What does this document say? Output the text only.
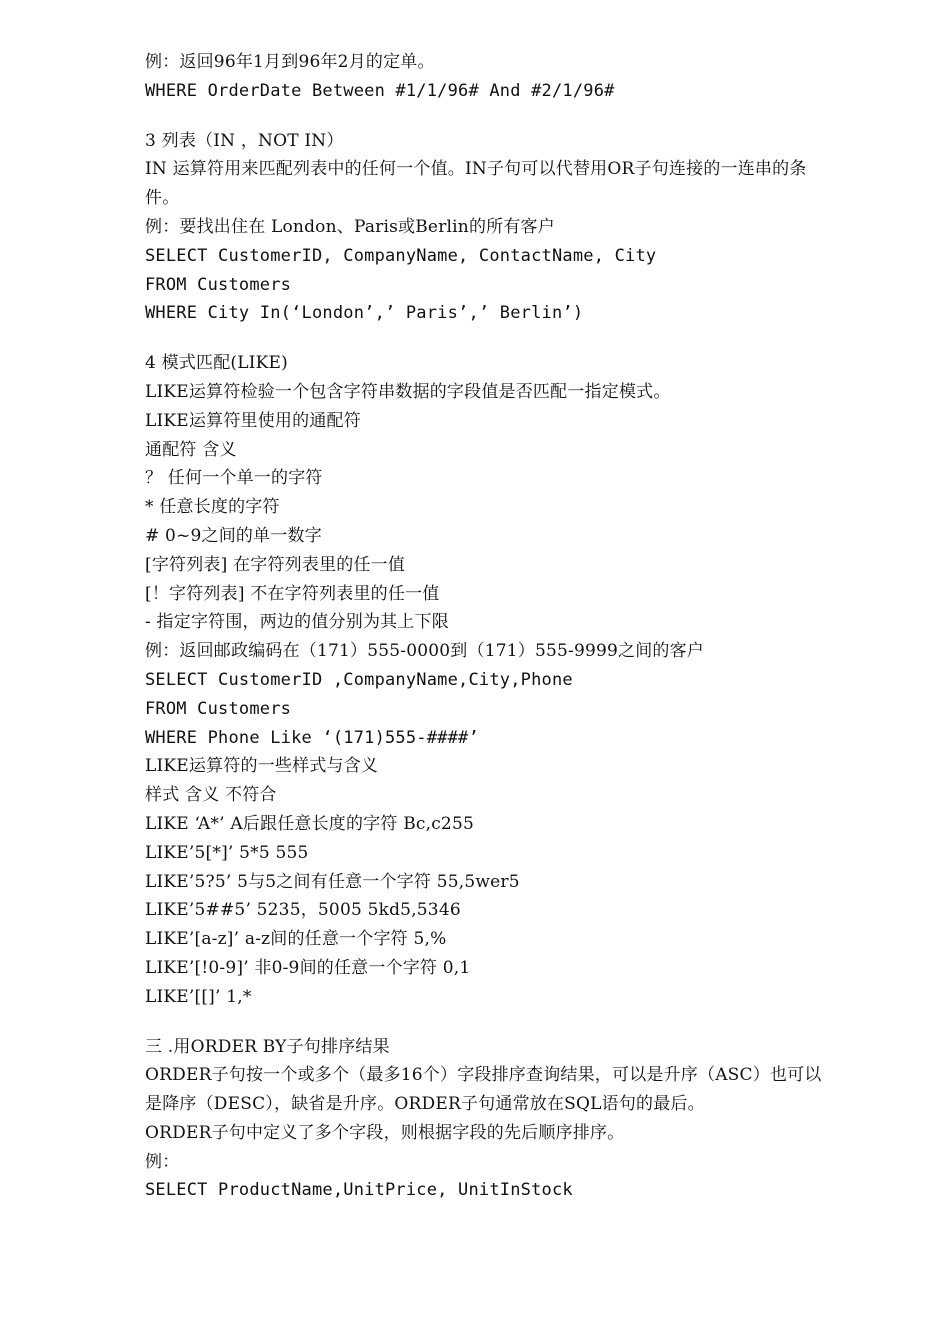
例：返回96年1月到96年2月的定单。

WHERE OrderDate Between #1/1/96# And #2/1/96#

3 列表（IN ，NOT IN）

IN 运算符用来匹配列表中的任何一个值。IN子句可以代替用OR子句连接的一连串的条

件。

例：要找出住在 London、Paris或Berlin的所有客户

SELECT CustomerID, CompanyName, ContactName, City

FROM Customers

WHERE City In(‘London’,’ Paris’,’ Berlin’)

4 模式匹配(LIKE)

LIKE运算符检验一个包含字符串数据的字段值是否匹配一指定模式。

LIKE运算符里使用的通配符

通配符 含义

？ 任何一个单一的字符

* 任意长度的字符

# 0~9之间的单一数字

[字符列表] 在字符列表里的任一值

[！字符列表] 不在字符列表里的任一值

- 指定字符围，两边的值分别为其上下限

例：返回邮政编码在（171）555-0000到（171）555-9999之间的客户

SELECT CustomerID ,CompanyName,City,Phone

FROM Customers

WHERE Phone Like ‘(171)555-####’

LIKE运算符的一些样式与含义

样式 含义 不符合

LIKE ‘A*’ A后跟任意长度的字符 Bc,c255

LIKE’5[*]’ 5*5 555

LIKE’5?5’ 5与5之间有任意一个字符 55,5wer5

LIKE’5##5’ 5235，5005 5kd5,5346

LIKE’[a-z]’ a-z间的任意一个字符 5,%

LIKE’[!0-9]’ 非0-9间的任意一个字符 0,1

LIKE’[[]’ 1,*

三 .用ORDER BY子句排序结果

ORDER子句按一个或多个（最多16个）字段排序查询结果，可以是升序（ASC）也可以

是降序（DESC），缺省是升序。ORDER子句通常放在SQL语句的最后。

ORDER子句中定义了多个字段，则根据字段的先后顺序排序。

例：

SELECT ProductName,UnitPrice, UnitInStock
